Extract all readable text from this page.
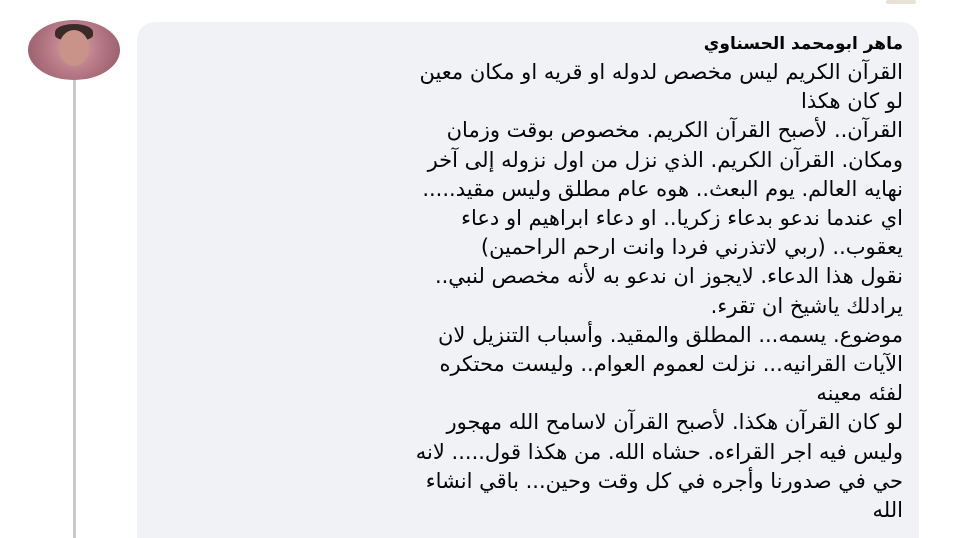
ماهر ابومحمد الحسناوي
القرآن الكريم ليس مخصص لدوله او قريه او مكان معين
لو كان هكذا
القرآن.. لأصبح القرآن الكريم. مخصوص بوقت وزمان
ومكان. القرآن الكريم. الذي نزل من اول نزوله إلى آخر
نهايه العالم. يوم البعث.. هوه عام مطلق وليس مقيد.....
اي عندما ندعو بدعاء زكريا.. او دعاء ابراهيم او دعاء
يعقوب.. (ربي لاتذرني فردا وانت ارحم الراحمين)
نقول هذا الدعاء. لايجوز ان ندعو به لأنه مخصص لنبي..
يرادلك ياشيخ ان تقرء.
موضوع. يسمه... المطلق والمقيد. وأسباب التنزيل لان
الآيات القرانيه... نزلت لعموم العوام.. وليست محتكره
لفئه معينه
لو كان القرآن هكذا. لأصبح القرآن لاسامح الله مهجور
وليس فيه اجر القراءه. حشاه الله. من هكذا قول..... لانه
حي في صدورنا وأجره في كل وقت وحين... باقي انشاء
الله
